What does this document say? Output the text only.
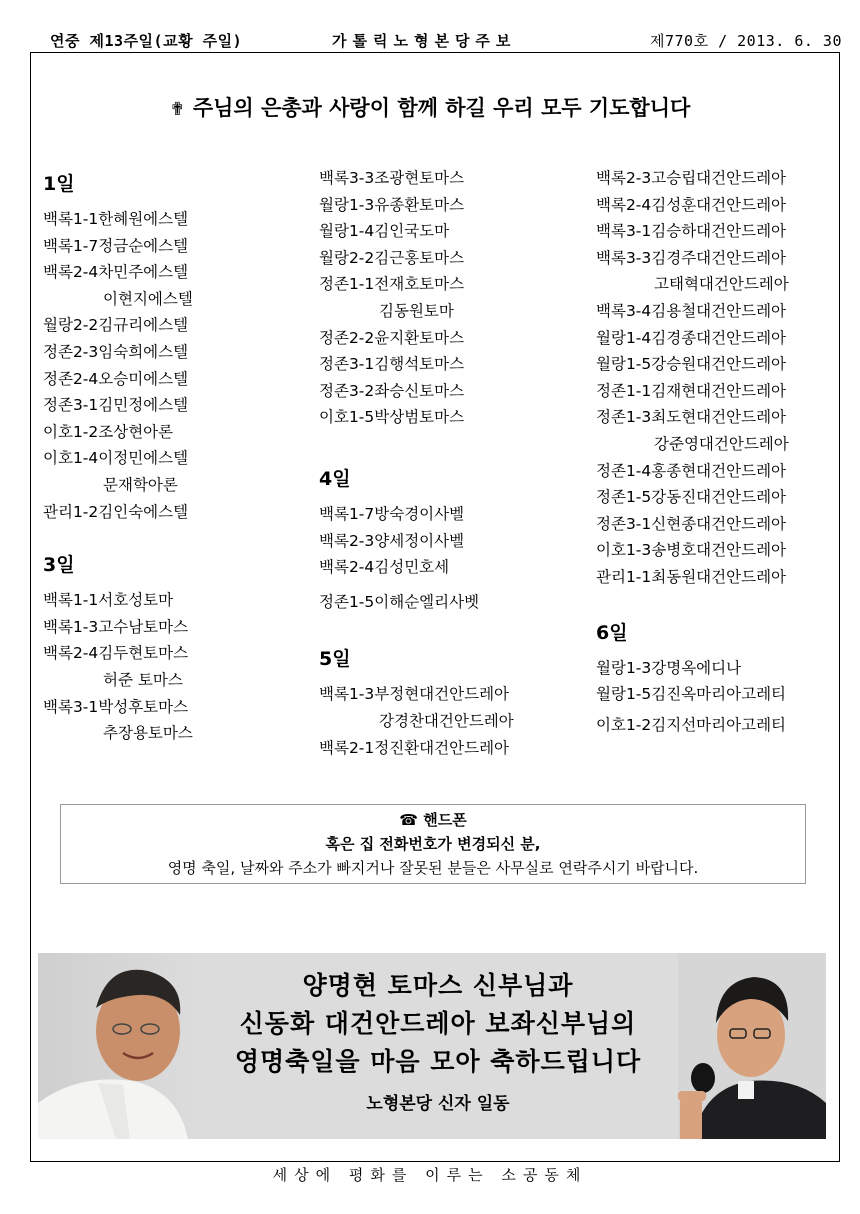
연중 제13주일(교황 주일)	가톨릭노형본당주보	제770호 / 2013. 6. 30
✟ 주님의 은총과 사랑이 함께 하길 우리 모두 기도합니다
1일
백록1-1한혜원에스텔
백록1-7정금순에스텔
백록2-4차민주에스텔
이현지에스텔
월랑2-2김규리에스텔
정존2-3임숙희에스텔
정존2-4오승미에스텔
정존3-1김민정에스텔
이호1-2조상현아론
이호1-4이정민에스텔
문재학아론
관리1-2김인숙에스텔
3일
백록1-1서호성토마
백록1-3고수남토마스
백록2-4김두현토마스
허준 토마스
백록3-1박성후토마스
추장용토마스
백록3-3조광현토마스
월랑1-3유종환토마스
월랑1-4김인국도마
월랑2-2김근홍토마스
정존1-1전재호토마스
김동원토마
정존2-2윤지환토마스
정존3-1김행석토마스
정존3-2좌승신토마스
이호1-5박상범토마스
4일
백록1-7방숙경이사벨
백록2-3양세정이사벨
백록2-4김성민호세
정존1-5이해순엘리사벳
5일
백록1-3부정현대건안드레아
강경찬대건안드레아
백록2-1정진환대건안드레아
백록2-3고승립대건안드레아
백록2-4김성훈대건안드레아
백록3-1김승하대건안드레아
백록3-3김경주대건안드레아
고태혁대건안드레아
백록3-4김용철대건안드레아
월랑1-4김경종대건안드레아
월랑1-5강승원대건안드레아
정존1-1김재현대건안드레아
정존1-3최도현대건안드레아
강준영대건안드레아
정존1-4홍종현대건안드레아
정존1-5강동진대건안드레아
정존3-1신현종대건안드레아
이호1-3송병호대건안드레아
관리1-1최동원대건안드레아
6일
월랑1-3강명옥에디나
월랑1-5김진옥마리아고레티
이호1-2김지선마리아고레티
☎ 핸드폰
혹은 집 전화번호가 변경되신 분,
영명 축일, 날짜와 주소가 빠지거나 잘못된 분들은 사무실로 연락주시기 바랍니다.
양명현 토마스 신부님과
신동화 대건안드레아 보좌신부님의
영명축일을 마음 모아 축하드립니다
노형본당 신자 일동
세상에 평화를 이루는 소공동체
